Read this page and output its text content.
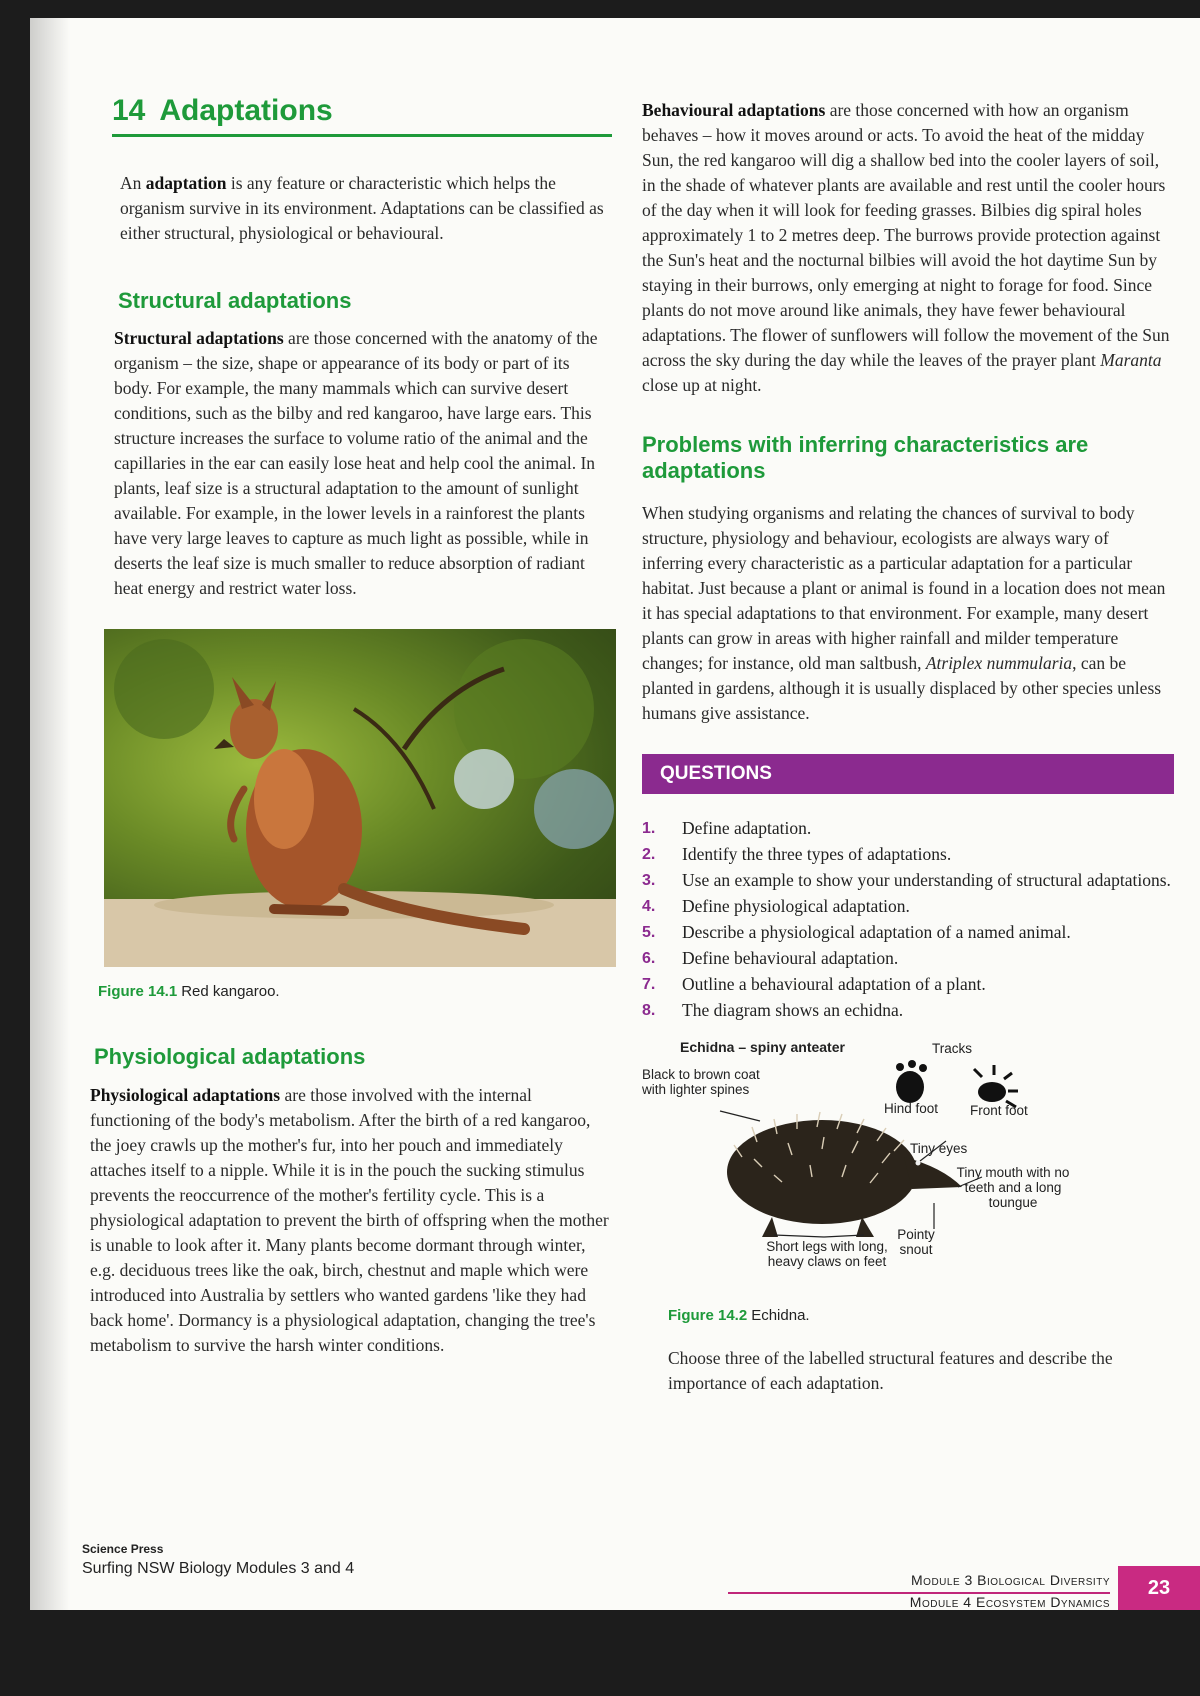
14 Adaptations

An adaptation is any feature or characteristic which helps the organism survive in its environment. Adaptations can be classified as either structural, physiological or behavioural.

Structural adaptations

Structural adaptations are those concerned with the anatomy of the organism – the size, shape or appearance of its body or part of its body. For example, the many mammals which can survive desert conditions, such as the bilby and red kangaroo, have large ears. This structure increases the surface to volume ratio of the animal and the capillaries in the ear can easily lose heat and help cool the animal. In plants, leaf size is a structural adaptation to the amount of sunlight available. For example, in the lower levels in a rainforest the plants have very large leaves to capture as much light as possible, while in deserts the leaf size is much smaller to reduce absorption of radiant heat energy and restrict water loss.

Figure 14.1 Red kangaroo.
Physiological adaptations

Physiological adaptations are those involved with the internal functioning of the body's metabolism. After the birth of a red kangaroo, the joey crawls up the mother's fur, into her pouch and immediately attaches itself to a nipple. While it is in the pouch the sucking stimulus prevents the reoccurrence of the mother's fertility cycle. This is a physiological adaptation to prevent the birth of offspring when the mother is unable to look after it. Many plants become dormant through winter, e.g. deciduous trees like the oak, birch, chestnut and maple which were introduced into Australia by settlers who wanted gardens 'like they had back home'. Dormancy is a physiological adaptation, changing the tree's metabolism to survive the harsh winter conditions.

Behavioural adaptations are those concerned with how an organism behaves – how it moves around or acts. To avoid the heat of the midday Sun, the red kangaroo will dig a shallow bed into the cooler layers of soil, in the shade of whatever plants are available and rest until the cooler hours of the day when it will look for feeding grasses. Bilbies dig spiral holes approximately 1 to 2 metres deep. The burrows provide protection against the Sun's heat and the nocturnal bilbies will avoid the hot daytime Sun by staying in their burrows, only emerging at night to forage for food. Since plants do not move around like animals, they have fewer behavioural adaptations. The flower of sunflowers will follow the movement of the Sun across the sky during the day while the leaves of the prayer plant Maranta close up at night.

Problems with inferring characteristics are adaptations

When studying organisms and relating the chances of survival to body structure, physiology and behaviour, ecologists are always wary of inferring every characteristic as a particular adaptation for a particular habitat. Just because a plant or animal is found in a location does not mean it has special adaptations to that environment. For example, many desert plants can grow in areas with higher rainfall and milder temperature changes; for instance, old man saltbush, Atriplex nummularia, can be planted in gardens, although it is usually displaced by other species unless humans give assistance.

QUESTIONS
1. Define adaptation.
2. Identify the three types of adaptations.
3. Use an example to show your understanding of structural adaptations.
4. Define physiological adaptation.
5. Describe a physiological adaptation of a named animal.
6. Define behavioural adaptation.
7. Outline a behavioural adaptation of a plant.
8. The diagram shows an echidna.
Echidna – spiny anteater	Tracks
Hind foot Front foot
Black to brown coat with lighter spines
Tiny eyes
Tiny mouth with no teeth and a long toungue
Pointy snout
Short legs with long, heavy claws on feet
Figure 14.2 Echidna.

Choose three of the labelled structural features and describe the importance of each adaptation.

Science Press
Surfing NSW Biology Modules 3 and 4
Module 3 Biological Diversity
Module 4 Ecosystem Dynamics
23
